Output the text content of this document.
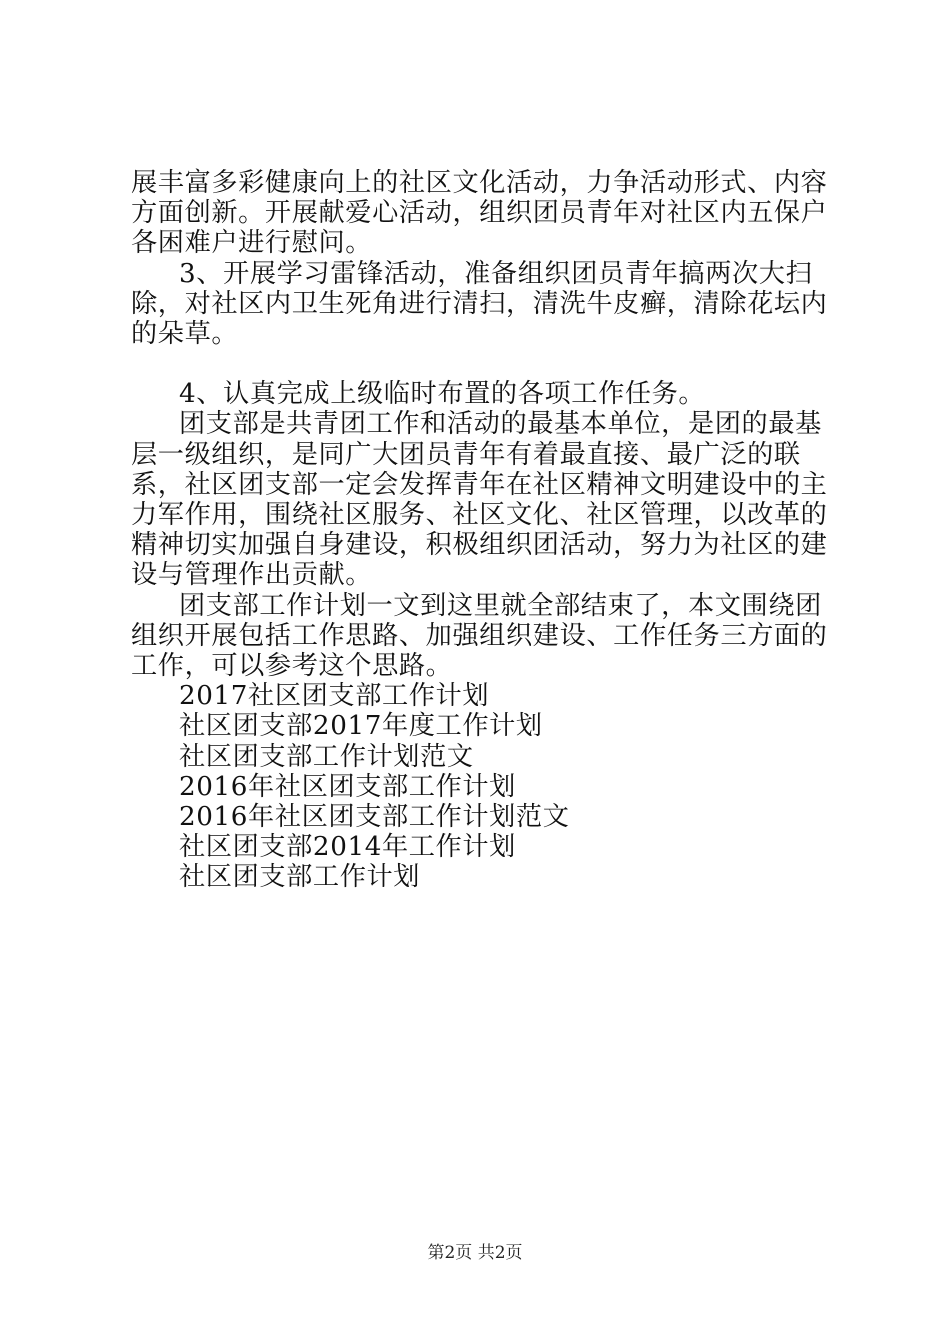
展丰富多彩健康向上的社区文化活动，力争活动形式、内容方面创新。开展献爱心活动，组织团员青年对社区内五保户各困难户进行慰问。

3、开展学习雷锋活动，准备组织团员青年搞两次大扫除，对社区内卫生死角进行清扫，清洗牛皮癣，清除花坛内的朵草。

4、认真完成上级临时布置的各项工作任务。

团支部是共青团工作和活动的最基本单位，是团的最基层一级组织，是同广大团员青年有着最直接、最广泛的联系，社区团支部一定会发挥青年在社区精神文明建设中的主力军作用，围绕社区服务、社区文化、社区管理，以改革的精神切实加强自身建设，积极组织团活动，努力为社区的建设与管理作出贡献。

团支部工作计划一文到这里就全部结束了，本文围绕团组织开展包括工作思路、加强组织建设、工作任务三方面的工作，可以参考这个思路。

2017社区团支部工作计划
社区团支部2017年度工作计划
社区团支部工作计划范文
2016年社区团支部工作计划
2016年社区团支部工作计划范文
社区团支部2014年工作计划
社区团支部工作计划
第2页 共2页
